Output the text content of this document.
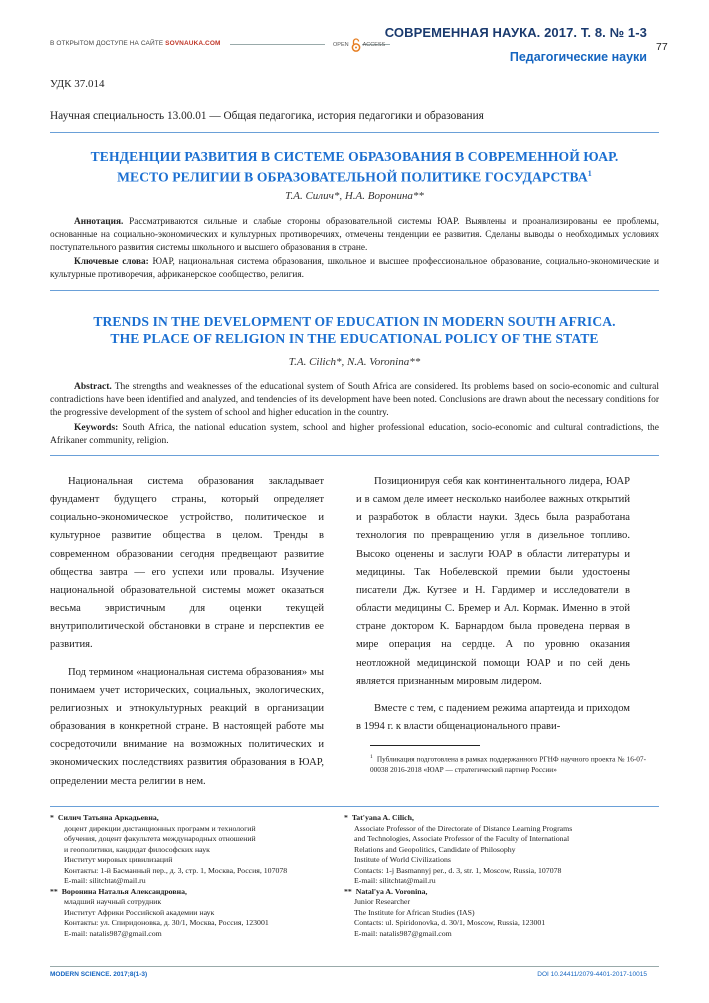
В ОТКРЫТОМ ДОСТУПЕ НА САЙТЕ SOVNAUKA.COM	OPEN	ACCESS
СОВРЕМЕННАЯ НАУКА. 2017. Т. 8. № 1-3
Педагогические науки
77
УДК 37.014
Научная специальность 13.00.01 — Общая педагогика, история педагогики и образования
ТЕНДЕНЦИИ РАЗВИТИЯ В СИСТЕМЕ ОБРАЗОВАНИЯ В СОВРЕМЕННОЙ ЮАР.
МЕСТО РЕЛИГИИ В ОБРАЗОВАТЕЛЬНОЙ ПОЛИТИКЕ ГОСУДАРСТВА$^1$
Т.А. Силич*, Н.А. Воронина**
Аннотация. Рассматриваются сильные и слабые стороны образовательной системы ЮАР. Выявлены и проанализированы ее проблемы, основанные на социально-экономических и культурных противоречиях, отмечены тенденции ее развития. Сделаны выводы о необходимых условиях поступательного развития системы школьного и высшего образования в стране.
Ключевые слова: ЮАР, национальная система образования, школьное и высшее профессиональное образование, социально-экономические и культурные противоречия, африканерское сообщество, религия.
TRENDS IN THE DEVELOPMENT OF EDUCATION IN MODERN SOUTH AFRICA.
THE PLACE OF RELIGION IN THE EDUCATIONAL POLICY OF THE STATE
T.A. Cilich*, N.A. Voronina**
Abstract. The strengths and weaknesses of the educational system of South Africa are considered. Its problems based on socio-economic and cultural contradictions have been identified and analyzed, and tendencies of its development have been noted. Conclusions are drawn about the necessary conditions for the progressive development of the system of school and higher education in the country.
Keywords: South Africa, the national education system, school and higher professional education, socio-economic and cultural contradictions, the Afrikaner community, religion.

Национальная система образования закладывает фундамент будущего страны, который определяет социально-экономическое устройство, политическое и культурное развитие общества в целом. Тренды в современном образовании сегодня предвещают развитие общества завтра — его успехи или провалы. Изучение национальной образовательной системы может оказаться весьма эвристичным для оценки текущей внутриполитической обстановки в стране и перспектив ее развития.

Под термином «национальная система образования» мы понимаем учет исторических, социальных, экологических, религиозных и этнокультурных реакций в организации образования в конкретной стране. В настоящей работе мы сосредоточили внимание на возможных политических и экономических последствиях развития образования в ЮАР, определении места религии в нем.

Позиционируя себя как континентального лидера, ЮАР и в самом деле имеет несколько наиболее важных открытий и разработок в области науки. Здесь была разработана технология по превращению угля в дизельное топливо. Высоко оценены и заслуги ЮАР в области литературы и медицины. Так Нобелевской премии были удостоены писатели Дж. Кутзее и Н. Гардимер и исследователи в области медицины С. Бремер и Ал. Кормак. Именно в этой стране доктором К. Барнардом была проведена первая в мире операция на сердце. А по уровню оказания неотложной медицинской помощи ЮАР и по сей день является признанным мировым лидером.

Вместе с тем, с падением режима апартеида и приходом в 1994 г. к власти общенационального прави-

$^1$ Публикация подготовлена в рамках поддержанного РГНФ научного проекта № 16-07-00038 2016-2018 «ЮАР — стратегический партнер России»
* Силич Татьяна Аркадьевна,
доцент дирекции дистанционных программ и технологий
обучения, доцент факультета международных отношений
и геополитики, кандидат философских наук
Институт мировых цивилизаций
Контакты: 1-й Басманный пер., д. 3, стр. 1, Москва, Россия, 107078
E-mail: silitchtat@mail.ru
** Воронина Наталья Александровна,
младший научный сотрудник
Институт Африки Российской академии наук
Контакты: ул. Спиридоновка, д. 30/1, Москва, Россия, 123001
E-mail: natalis987@gmail.com
* Tat'yana A. Cilich,
Associate Professor of the Directorate of Distance Learning Programs
and Technologies, Associate Professor of the Faculty of International
Relations and Geopolitics, Candidate of Philosophy
Institute of World Civilizations
Contacts: 1-j Basmannyj per., d. 3, str. 1, Moscow, Russia, 107078
E-mail: silitchtat@mail.ru
** Natal'ya A. Voronina,
Junior Researcher
The Institute for African Studies (IAS)
Contacts: ul. Spiridonovka, d. 30/1, Moscow, Russia, 123001
E-mail: natalis987@gmail.com
MODERN SCIENCE. 2017;8(1-3)	DOI 10.24411/2079-4401-2017-10015
